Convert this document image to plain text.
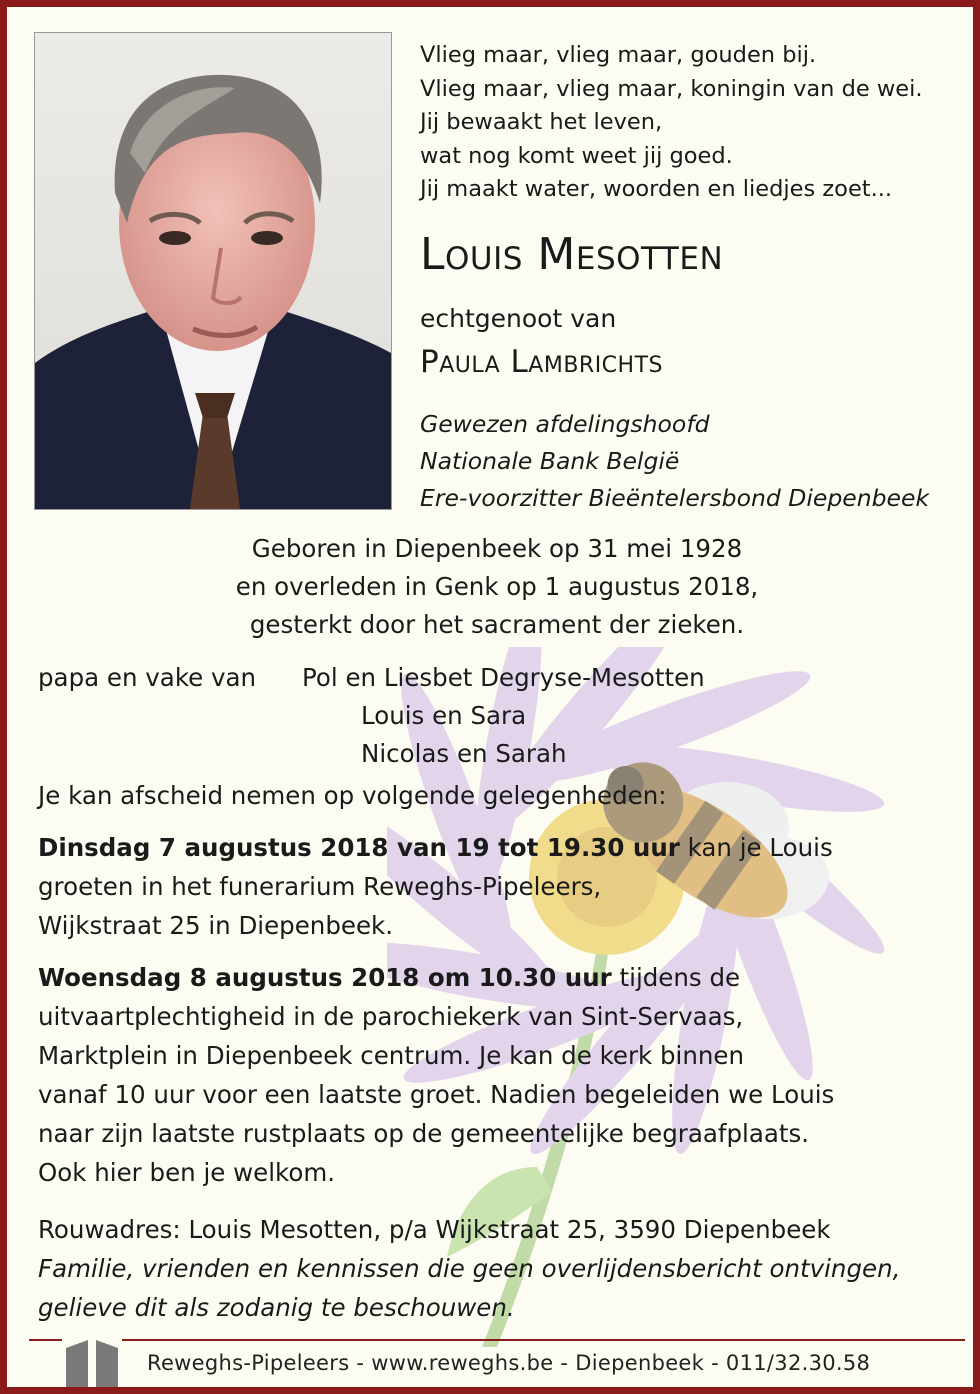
Vlieg maar, vlieg maar, gouden bij.
Vlieg maar, vlieg maar, koningin van de wei.
Jij bewaakt het leven,
wat nog komt weet jij goed.
Jij maakt water, woorden en liedjes zoet...
Louis Mesotten
echtgenoot van
Paula Lambrichts
Gewezen afdelingshoofd
Nationale Bank België
Ere-voorzitter Bieëntelersbond Diepenbeek
Geboren in Diepenbeek op 31 mei 1928
en overleden in Genk op 1 augustus 2018,
gesterkt door het sacrament der zieken.
papa en vake van Pol en Liesbet Degryse-Mesotten
Louis en Sara
Nicolas en Sarah
Je kan afscheid nemen op volgende gelegenheden:
Dinsdag 7 augustus 2018 van 19 tot 19.30 uur kan je Louis
groeten in het funerarium Reweghs-Pipeleers,
Wijkstraat 25 in Diepenbeek.
Woensdag 8 augustus 2018 om 10.30 uur tijdens de
uitvaartplechtigheid in de parochiekerk van Sint-Servaas,
Marktplein in Diepenbeek centrum. Je kan de kerk binnen
vanaf 10 uur voor een laatste groet. Nadien begeleiden we Louis
naar zijn laatste rustplaats op de gemeentelijke begraafplaats.
Ook hier ben je welkom.
Rouwadres: Louis Mesotten, p/a Wijkstraat 25, 3590 Diepenbeek
Familie, vrienden en kennissen die geen overlijdensbericht ontvingen,
gelieve dit als zodanig te beschouwen.
Reweghs-Pipeleers - www.reweghs.be - Diepenbeek - 011/32.30.58
